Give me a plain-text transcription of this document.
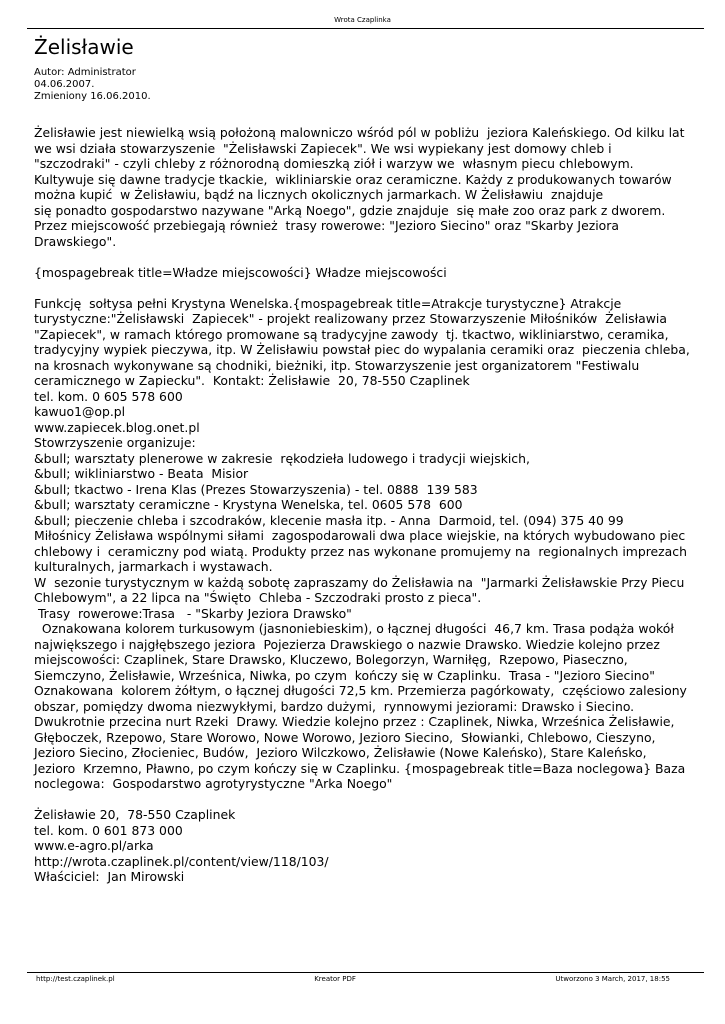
Wrota Czaplinka
Żelisławie
Autor: Administrator
04.06.2007.
Zmieniony 16.06.2010.

Żelisławie jest niewielką wsią położoną malowniczo wśród pól w pobliżu  jeziora Kaleńskiego. Od kilku lat
we wsi działa stowarzyszenie  "Żelisławski Zapiecek". We wsi wypiekany jest domowy chleb i
"szczodraki" - czyli chleby z różnorodną domieszką ziół i warzyw we  własnym piecu chlebowym.
Kultywuje się dawne tradycje tkackie,  wikliniarskie oraz ceramiczne. Każdy z produkowanych towarów
można kupić  w Żelisławiu, bądź na licznych okolicznych jarmarkach. W Żelisławiu  znajduje
się ponadto gospodarstwo nazywane "Arką Noego", gdzie znajduje  się małe zoo oraz park z dworem.
Przez miejscowość przebiegają również  trasy rowerowe: "Jezioro Siecino" oraz "Skarby Jeziora
Drawskiego".

{mospagebreak title=Władze miejscowości} Władze miejscowości

Funkcję  sołtysa pełni Krystyna Wenelska.{mospagebreak title=Atrakcje turystyczne} Atrakcje
turystyczne:"Żelisławski  Zapiecek" - projekt realizowany przez Stowarzyszenie Miłośników  Żelisławia
"Zapiecek", w ramach którego promowane są tradycyjne zawody  tj. tkactwo, wikliniarstwo, ceramika,
tradycyjny wypiek pieczywa, itp. W Żelisławiu powstał piec do wypalania ceramiki oraz  pieczenia chleba,
na krosnach wykonywane są chodniki, bieżniki, itp. Stowarzyszenie jest organizatorem "Festiwalu
ceramicznego w Zapiecku".  Kontakt: Żelisławie  20, 78-550 Czaplinek
tel. kom. 0 605 578 600
kawuo1@op.pl
www.zapiecek.blog.onet.pl
Stowrzyszenie organizuje:
&bull; warsztaty plenerowe w zakresie  rękodzieła ludowego i tradycji wiejskich,
&bull; wikliniarstwo - Beata  Misior
&bull; tkactwo - Irena Klas (Prezes Stowarzyszenia) - tel. 0888  139 583
&bull; warsztaty ceramiczne - Krystyna Wenelska, tel. 0605 578  600
&bull; pieczenie chleba i szcodraków, klecenie masła itp. - Anna  Darmoid, tel. (094) 375 40 99
Miłośnicy Żelisława wspólnymi siłami  zagospodarowali dwa place wiejskie, na których wybudowano piec
chlebowy i  ceramiczny pod wiatą. Produkty przez nas wykonane promujemy na  regionalnych imprezach
kulturalnych, jarmarkach i wystawach.
W  sezonie turystycznym w każdą sobotę zapraszamy do Żelisławia na  "Jarmarki Żelisławskie Przy Piecu
Chlebowym", a 22 lipca na "Święto  Chleba - Szczodraki prosto z pieca".
Trasy  rowerowe:Trasa   - "Skarby Jeziora Drawsko"
Oznakowana kolorem turkusowym (jasnoniebieskim), o łącznej długości  46,7 km. Trasa podąża wokół
największego i najgłębszego jeziora  Pojezierza Drawskiego o nazwie Drawsko. Wiedzie kolejno przez
miejscowości: Czaplinek, Stare Drawsko, Kluczewo, Bolegorzyn, Warniłęg,  Rzepowo, Piaseczno,
Siemczyno, Żelisławie, Wrześnica, Niwka, po czym  kończy się w Czaplinku.  Trasa - "Jezioro Siecino"
Oznakowana  kolorem żółtym, o łącznej długości 72,5 km. Przemierza pagórkowaty,  częściowo zalesiony
obszar, pomiędzy dwoma niezwykłymi, bardzo dużymi,  rynnowymi jeziorami: Drawsko i Siecino.
Dwukrotnie przecina nurt Rzeki  Drawy. Wiedzie kolejno przez : Czaplinek, Niwka, Wrześnica Żelisławie,
Głęboczek, Rzepowo, Stare Worowo, Nowe Worowo, Jezioro Siecino,  Słowianki, Chlebowo, Cieszyno,
Jezioro Siecino, Złocieniec, Budów,  Jezioro Wilczkowo, Żelisławie (Nowe Kaleńsko), Stare Kaleńsko,
Jezioro  Krzemno, Pławno, po czym kończy się w Czaplinku. {mospagebreak title=Baza noclegowa} Baza
noclegowa:  Gospodarstwo agrotyrystyczne "Arka Noego"

Żelisławie 20,  78-550 Czaplinek
tel. kom. 0 601 873 000
www.e-agro.pl/arka
http://wrota.czaplinek.pl/content/view/118/103/
Właściciel:  Jan Mirowski

http://test.czaplinek.pl	Kreator PDF	Utworzono 3 March, 2017, 18:55
